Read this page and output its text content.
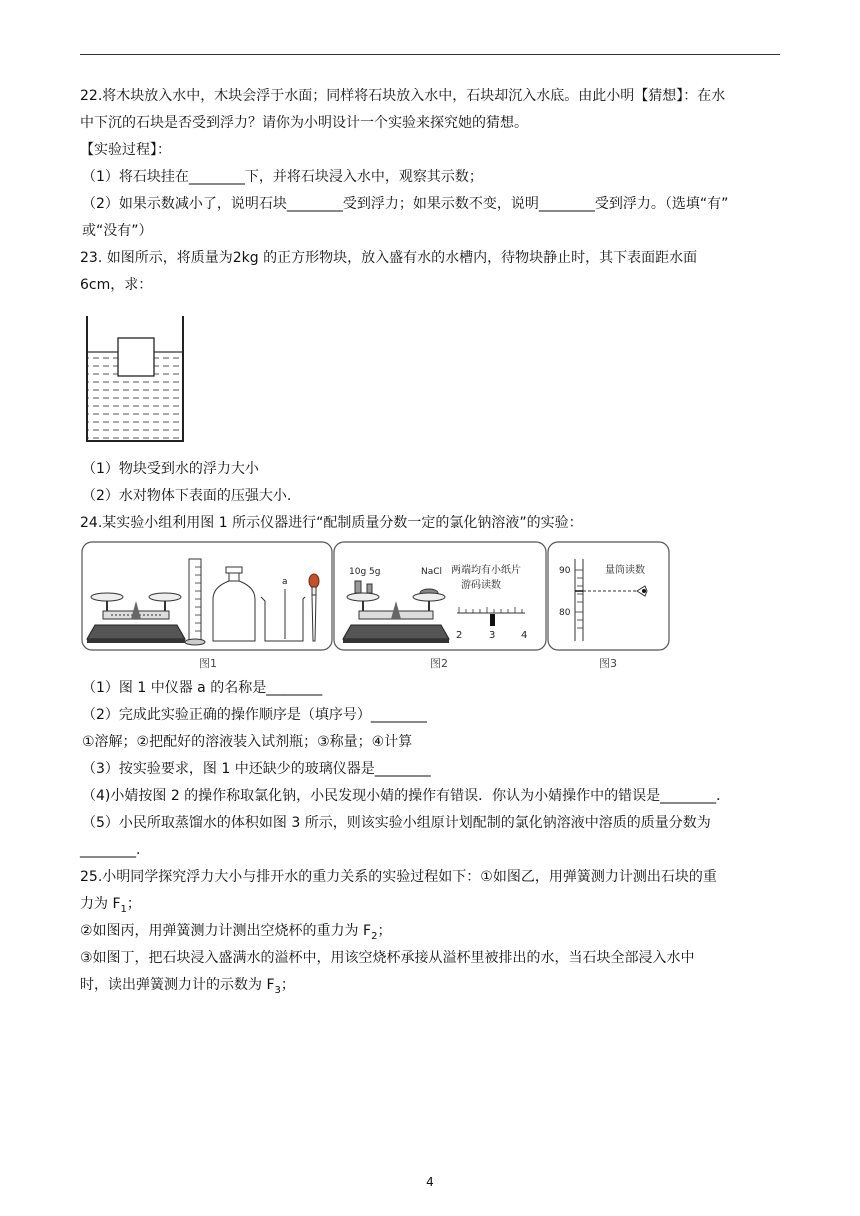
22.将木块放入水中，木块会浮于水面；同样将石块放入水中，石块却沉入水底。由此小明【猜想】：在水
中下沉的石块是否受到浮力？请你为小明设计一个实验来探究她的猜想。
【实验过程】：
（1）将石块挂在________下，并将石块浸入水中，观察其示数；
（2）如果示数减小了，说明石块________受到浮力；如果示数不变，说明________受到浮力。（选填“有”
或“没有”）
23. 如图所示，将质量为2kg 的正方形物块，放入盛有水的水槽内，待物块静止时，其下表面距水面
6cm，求：
（1）物块受到水的浮力大小
（2）水对物体下表面的压强大小.
24.某实验小组利用图 1 所示仪器进行“配制质量分数一定的氯化钠溶液”的实验：
a
10g 5g	NaCl 两端均有小纸片
游码读数
2	3	4
90
80
量筒读数
图1	图2	图3
（1）图 1 中仪器 a 的名称是________
（2）完成此实验正确的操作顺序是（填序号）________
①溶解；②把配好的溶液装入试剂瓶；③称量；④计算
（3）按实验要求，图 1 中还缺少的玻璃仪器是________
（4)小婧按图 2 的操作称取氯化钠，小民发现小婧的操作有错误．你认为小婧操作中的错误是________．
（5）小民所取蒸馏水的体积如图 3 所示，则该实验小组原计划配制的氯化钠溶液中溶质的质量分数为
________.
25.小明同学探究浮力大小与排开水的重力关系的实验过程如下：①如图乙，用弹簧测力计测出石块的重
力为 $F_1$；
②如图丙，用弹簧测力计测出空烧杯的重力为 $F_2$；
③如图丁，把石块浸入盛满水的溢杯中，用该空烧杯承接从溢杯里被排出的水，当石块全部浸入水中
时，读出弹簧测力计的示数为 $F_3$；
4
